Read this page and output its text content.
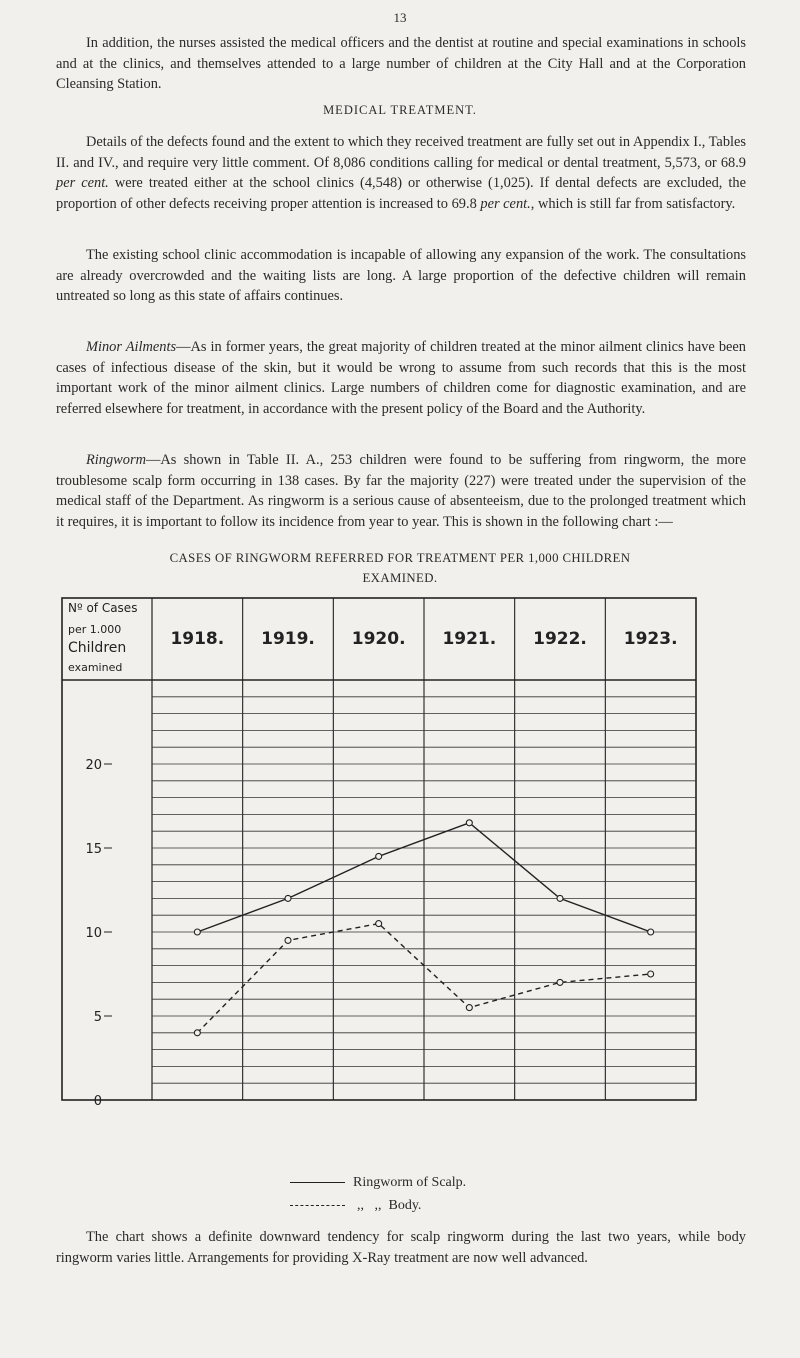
13

In addition, the nurses assisted the medical officers and the dentist at routine and special examinations in schools and at the clinics, and themselves attended to a large number of children at the City Hall and at the Corporation Cleansing Station.

MEDICAL TREATMENT.

Details of the defects found and the extent to which they received treatment are fully set out in Appendix I., Tables II. and IV., and require very little comment. Of 8,086 conditions calling for medical or dental treatment, 5,573, or 68.9 per cent. were treated either at the school clinics (4,548) or otherwise (1,025). If dental defects are excluded, the proportion of other defects receiving proper attention is increased to 69.8 per cent., which is still far from satisfactory.

The existing school clinic accommodation is incapable of allowing any expansion of the work. The consultations are already overcrowded and the waiting lists are long. A large proportion of the defective children will remain untreated so long as this state of affairs continues.

Minor Ailments—As in former years, the great majority of children treated at the minor ailment clinics have been cases of infectious disease of the skin, but it would be wrong to assume from such records that this is the most important work of the minor ailment clinics. Large numbers of children come for diagnostic examination, and are referred elsewhere for treatment, in accordance with the present policy of the Board and the Authority.

Ringworm—As shown in Table II. A., 253 children were found to be suffering from ringworm, the more troublesome scalp form occurring in 138 cases. By far the majority (227) were treated under the supervision of the medical staff of the Department. As ringworm is a serious cause of absenteeism, due to the prolonged treatment which it requires, it is important to follow its incidence from year to year. This is shown in the following chart :—

CASES OF RINGWORM REFERRED FOR TREATMENT PER 1,000 CHILDREN
EXAMINED.
Nº of Cases
per 1.000
Children
examined
1918. 1919. 1920. 1921. 1922. 1923.
20
15
10
5
0
Ringworm of Scalp.
,, ,, Body.

The chart shows a definite downward tendency for scalp ringworm during the last two years, while body ringworm varies little. Arrangements for providing X-Ray treatment are now well advanced.
